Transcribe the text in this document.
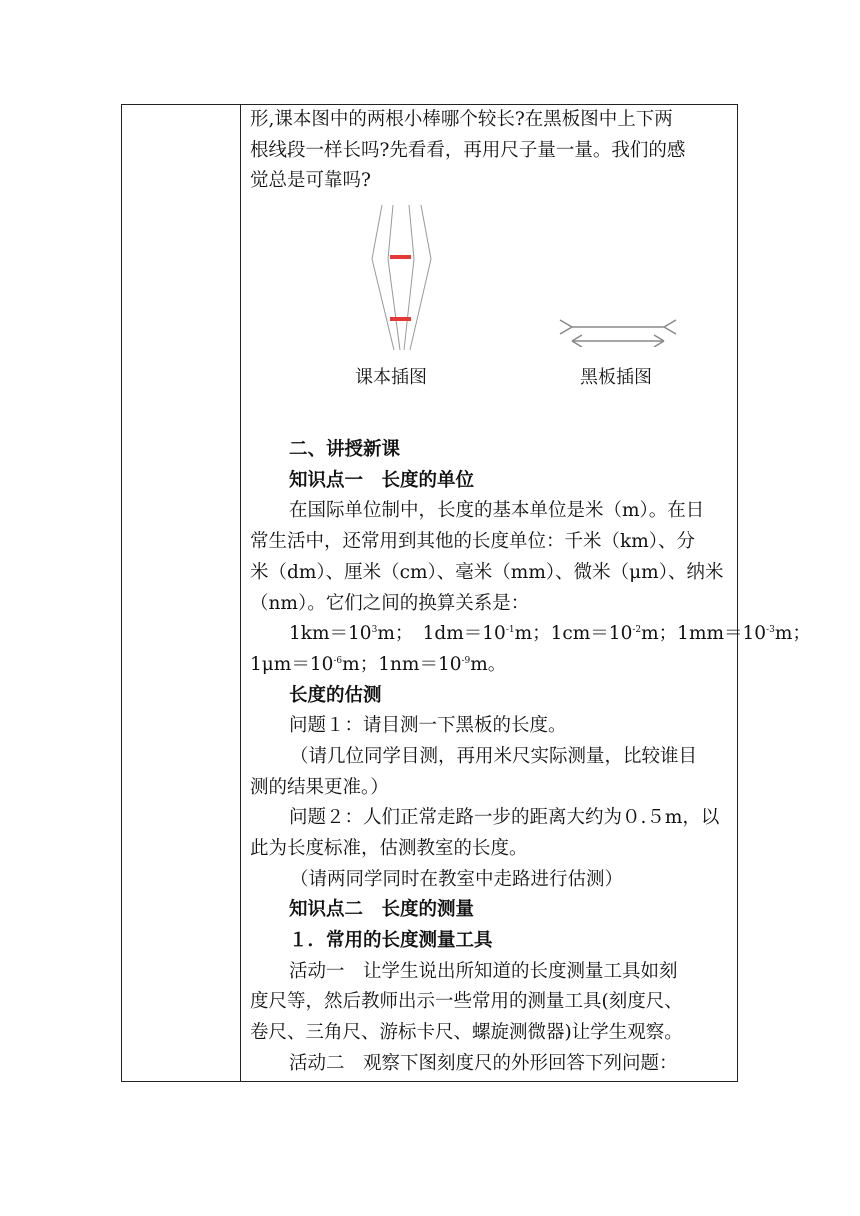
形,课本图中的两根小棒哪个较长?在黑板图中上下两
根线段一样长吗?先看看，再用尺子量一量。我们的感
觉总是可靠吗?
课本插图	黑板插图
二、讲授新课
知识点一　长度的单位
在国际单位制中，长度的基本单位是米（m）。在日
常生活中，还常用到其他的长度单位：千米（km）、分
米（dm）、厘米（cm）、毫米（mm）、微米（μm）、纳米
（nm）。它们之间的换算关系是：
$1km=10^3m$；　$1dm=10^{-1}m$；$1cm=10^{-2}m$；$1mm=10^{-3}m$；
$1\mu m=10^{-6}m$；$1nm=10^{-9}m$。
长度的估测
问题１：请目测一下黑板的长度。
（请几位同学目测，再用米尺实际测量，比较谁目
测的结果更准。）
问题２：人们正常走路一步的距离大约为０.５m，以
此为长度标准，估测教室的长度。
（请两同学同时在教室中走路进行估测）
知识点二　长度的测量
１．常用的长度测量工具
活动一　让学生说出所知道的长度测量工具如刻
度尺等，然后教师出示一些常用的测量工具(刻度尺、
卷尺、三角尺、游标卡尺、螺旋测微器)让学生观察。
活动二　观察下图刻度尺的外形回答下列问题：
